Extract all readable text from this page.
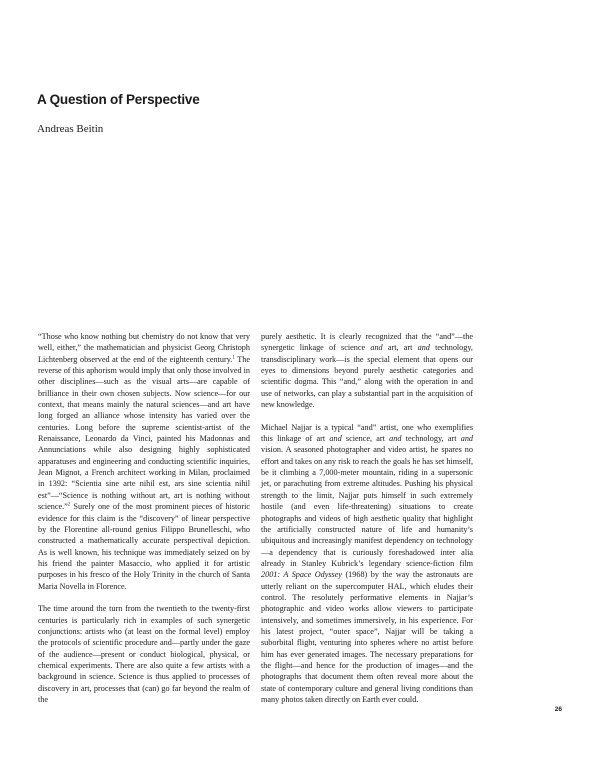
A Question of Perspective

Andreas Beitin

“Those who know nothing but chemistry do not know that very well, either,” the mathematician and physicist Georg Christoph Lichtenberg observed at the end of the eighteenth century.$^1$ The reverse of this aphorism would imply that only those involved in other disciplines—such as the visual arts—are capable of brilliance in their own chosen subjects. Now science—for our context, that means mainly the natural sciences—and art have long forged an alliance whose intensity has varied over the centuries. Long before the supreme scientist-artist of the Renaissance, Leonardo da Vinci, painted his Madonnas and Annunciations while also designing highly sophisticated apparatuses and engineering and conducting scientific inquiries, Jean Mignot, a French architect working in Milan, proclaimed in 1392: “Scientia sine arte nihil est, ars sine scientia nihil est”—“Science is nothing without art, art is nothing without science.”$^2$ Surely one of the most prominent pieces of historic evidence for this claim is the “discovery” of linear perspective by the Florentine all-round genius Filippo Brunelleschi, who constructed a mathematically accurate perspectival depiction. As is well known, his technique was immediately seized on by his friend the painter Masaccio, who applied it for artistic purposes in his fresco of the Holy Trinity in the church of Santa Maria Novella in Florence.

The time around the turn from the twentieth to the twenty-first centuries is particularly rich in examples of such synergetic conjunctions: artists who (at least on the formal level) employ the protocols of scientific procedure and—partly under the gaze of the audience—present or conduct biological, physical, or chemical experiments. There are also quite a few artists with a background in science. Science is thus applied to processes of discovery in art, processes that (can) go far beyond the realm of the

purely aesthetic. It is clearly recognized that the “and”—the synergetic linkage of science and art, art and technology, transdisciplinary work—is the special element that opens our eyes to dimensions beyond purely aesthetic categories and scientific dogma. This “and,” along with the operation in and use of networks, can play a substantial part in the acquisition of new knowledge.

Michael Najjar is a typical “and” artist, one who exemplifies this linkage of art and science, art and technology, art and vision. A seasoned photographer and video artist, he spares no effort and takes on any risk to reach the goals he has set himself, be it climbing a 7,000-meter mountain, riding in a supersonic jet, or parachuting from extreme altitudes. Pushing his physical strength to the limit, Najjar puts himself in such extremely hostile (and even life-threatening) situations to create photographs and videos of high aesthetic quality that highlight the artificially constructed nature of life and humanity’s ubiquitous and increasingly manifest dependency on technology—a dependency that is curiously foreshadowed inter alia already in Stanley Kubrick’s legendary science-fiction film 2001: A Space Odyssey (1968) by the way the astronauts are utterly reliant on the supercomputer HAL, which eludes their control. The resolutely performative elements in Najjar’s photographic and video works allow viewers to participate intensively, and sometimes immersively, in his experience. For his latest project, “outer space”, Najjar will be taking a suborbital flight, venturing into spheres where no artist before him has ever generated images. The necessary preparations for the flight—and hence for the production of images—and the photographs that document them often reveal more about the state of contemporary culture and general living conditions than many photos taken directly on Earth ever could.

26
